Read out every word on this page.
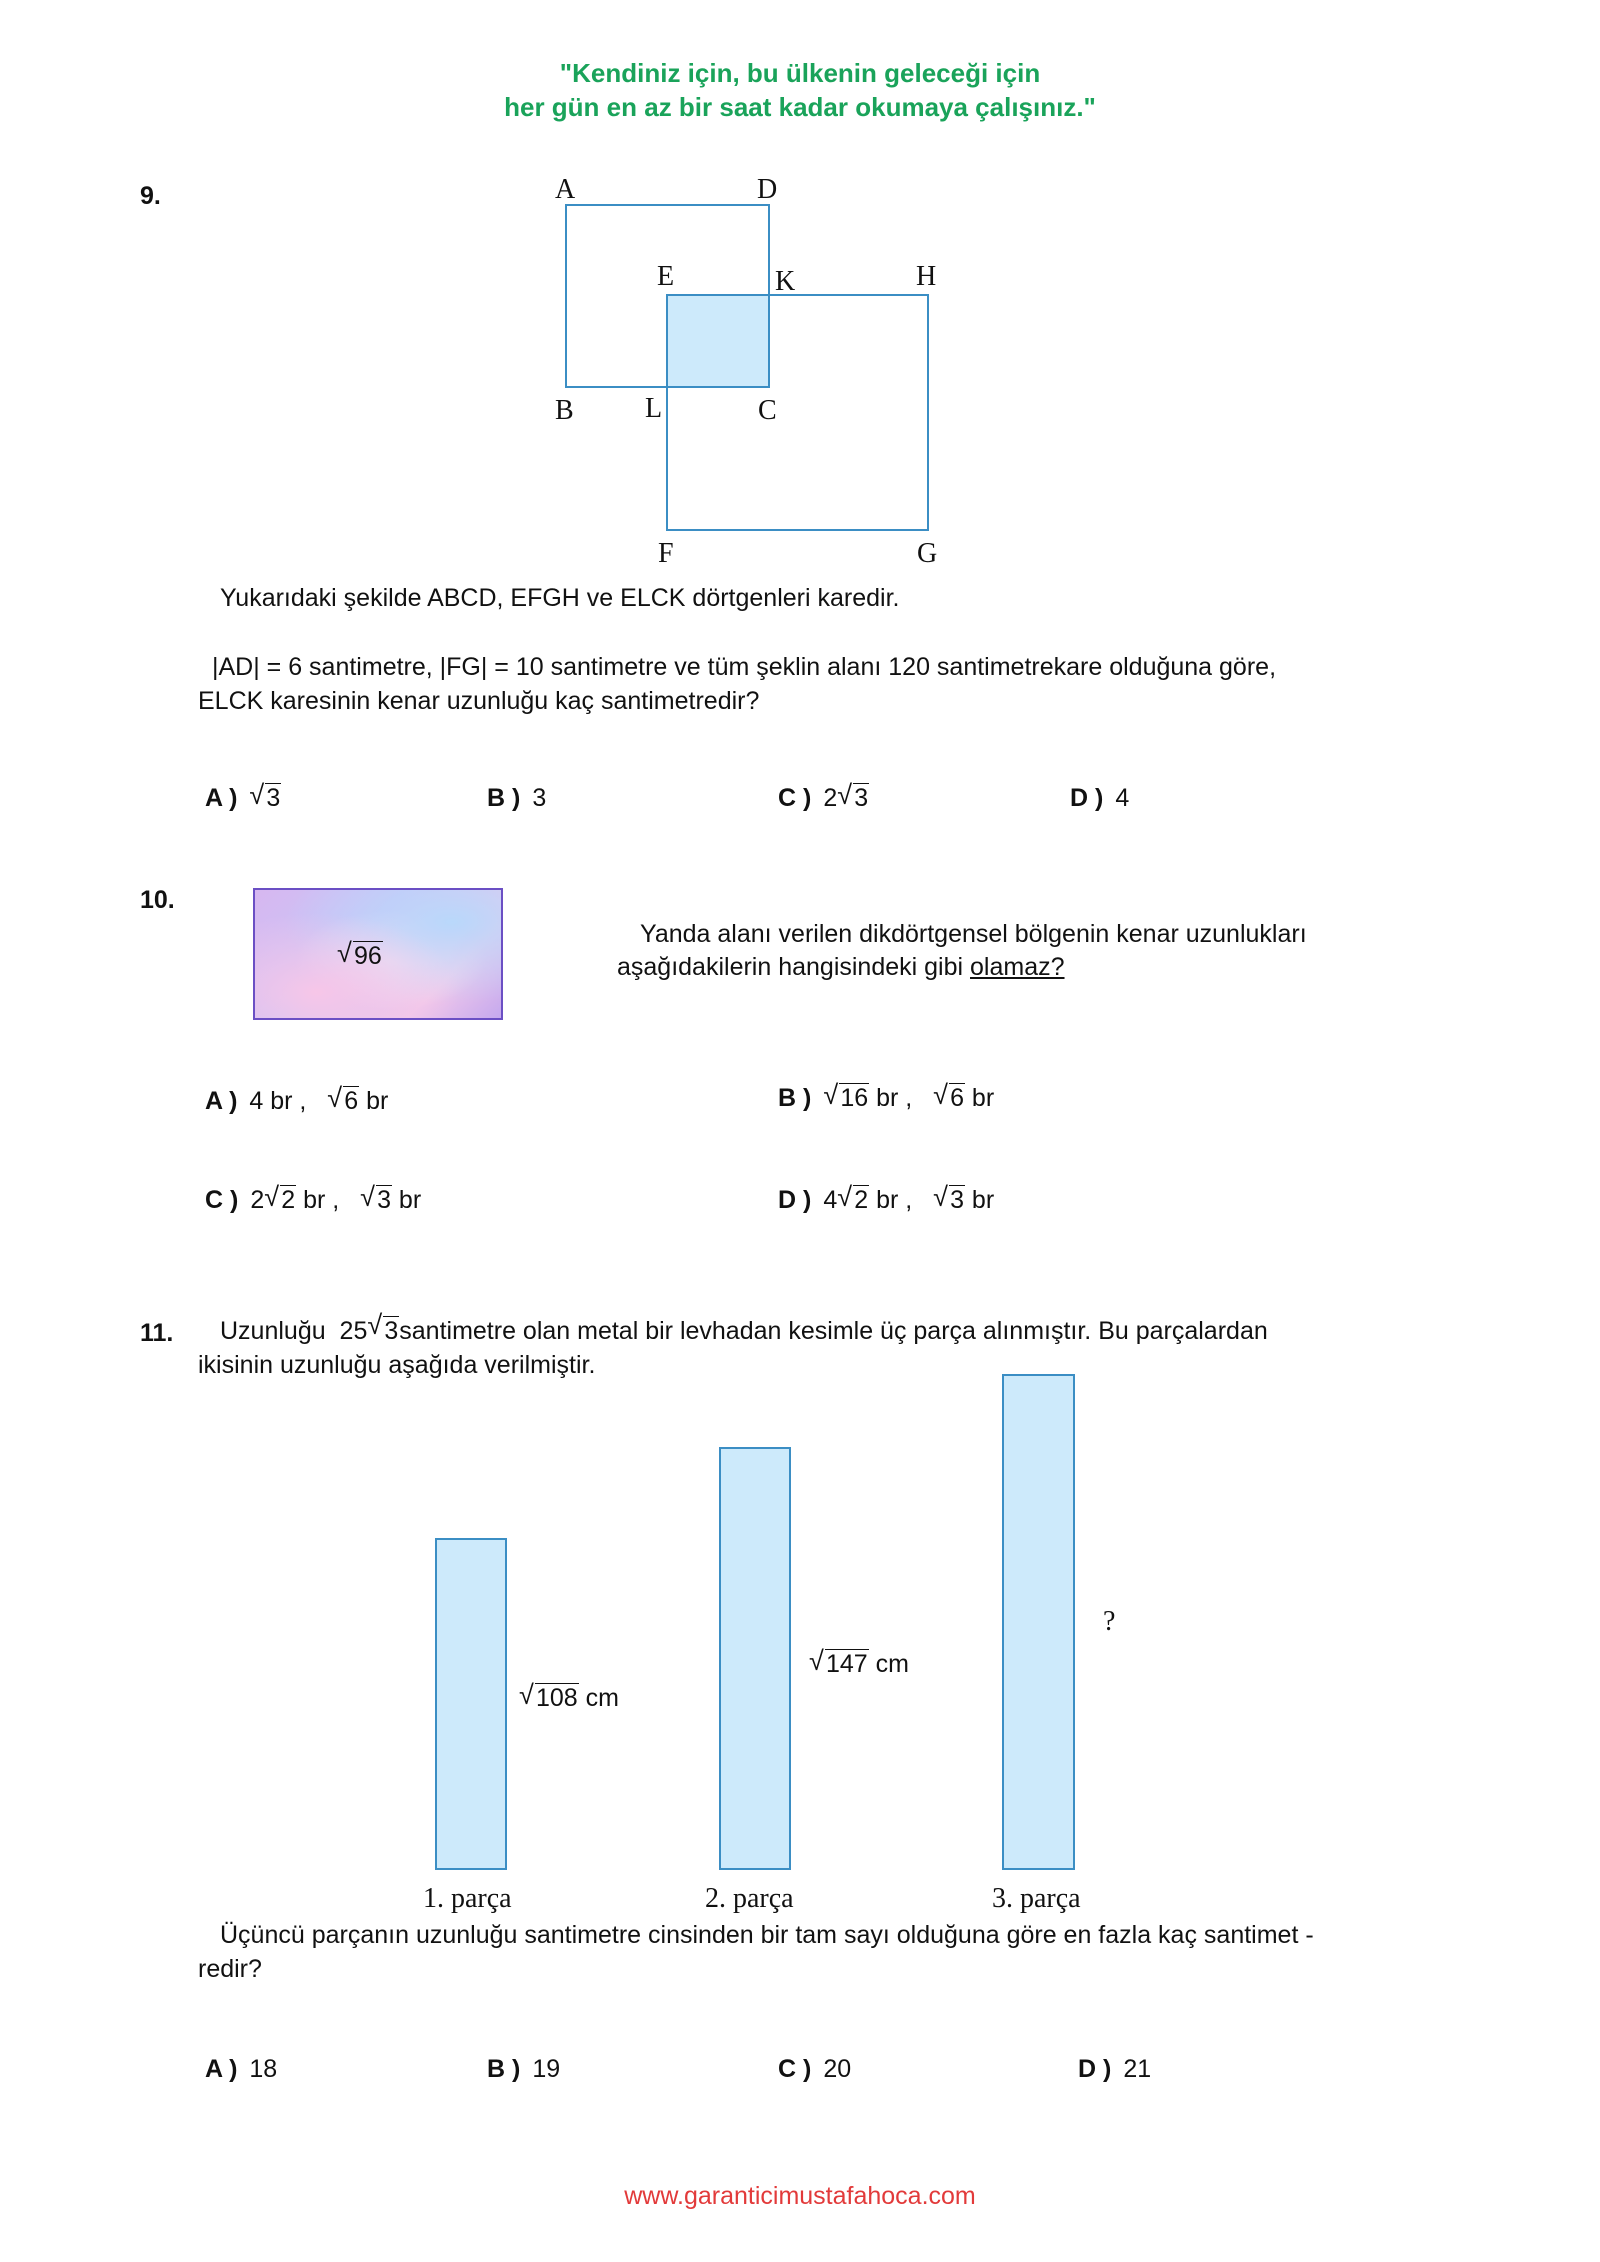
"Kendiniz için, bu ülkenin geleceği için
her gün en az bir saat kadar okumaya çalışınız."
9.	A	D
E	K	H
B	L	C
F	G
Yukarıdaki şekilde ABCD, EFGH ve ELCK dörtgenleri karedir.
|AD| = 6 santimetre, |FG| = 10 santimetre ve tüm şeklin alanı 120 santimetrekare olduğuna göre,
ELCK karesinin kenar uzunluğu kaç santimetredir?
A ) √ 3	B ) 3	C ) 2 √ 3	D ) 4
10.
√ 96
Yanda alanı verilen dikdörtgensel bölgenin kenar uzunlukları
aşağıdakilerin hangisindeki gibi olamaz?
A ) 4 br , √ 6 br	B ) √ 16 br , √ 6 br
C ) 2 √ 2 br , √ 3 br	D ) 4 √ 2 br , √ 3 br
11. Uzunluğu 25 √ 3santimetre olan metal bir levhadan kesimle üç parça alınmıştır. Bu parçalardan
ikisinin uzunluğu aşağıda verilmiştir.
√ 108 cm
√ 147 cm
?
1. parça	2. parça	3. parça
Üçüncü parçanın uzunluğu santimetre cinsinden bir tam sayı olduğuna göre en fazla kaç santimet -
redir?
A ) 18	B ) 19	C ) 20	D ) 21
www.garanticimustafahoca.com
